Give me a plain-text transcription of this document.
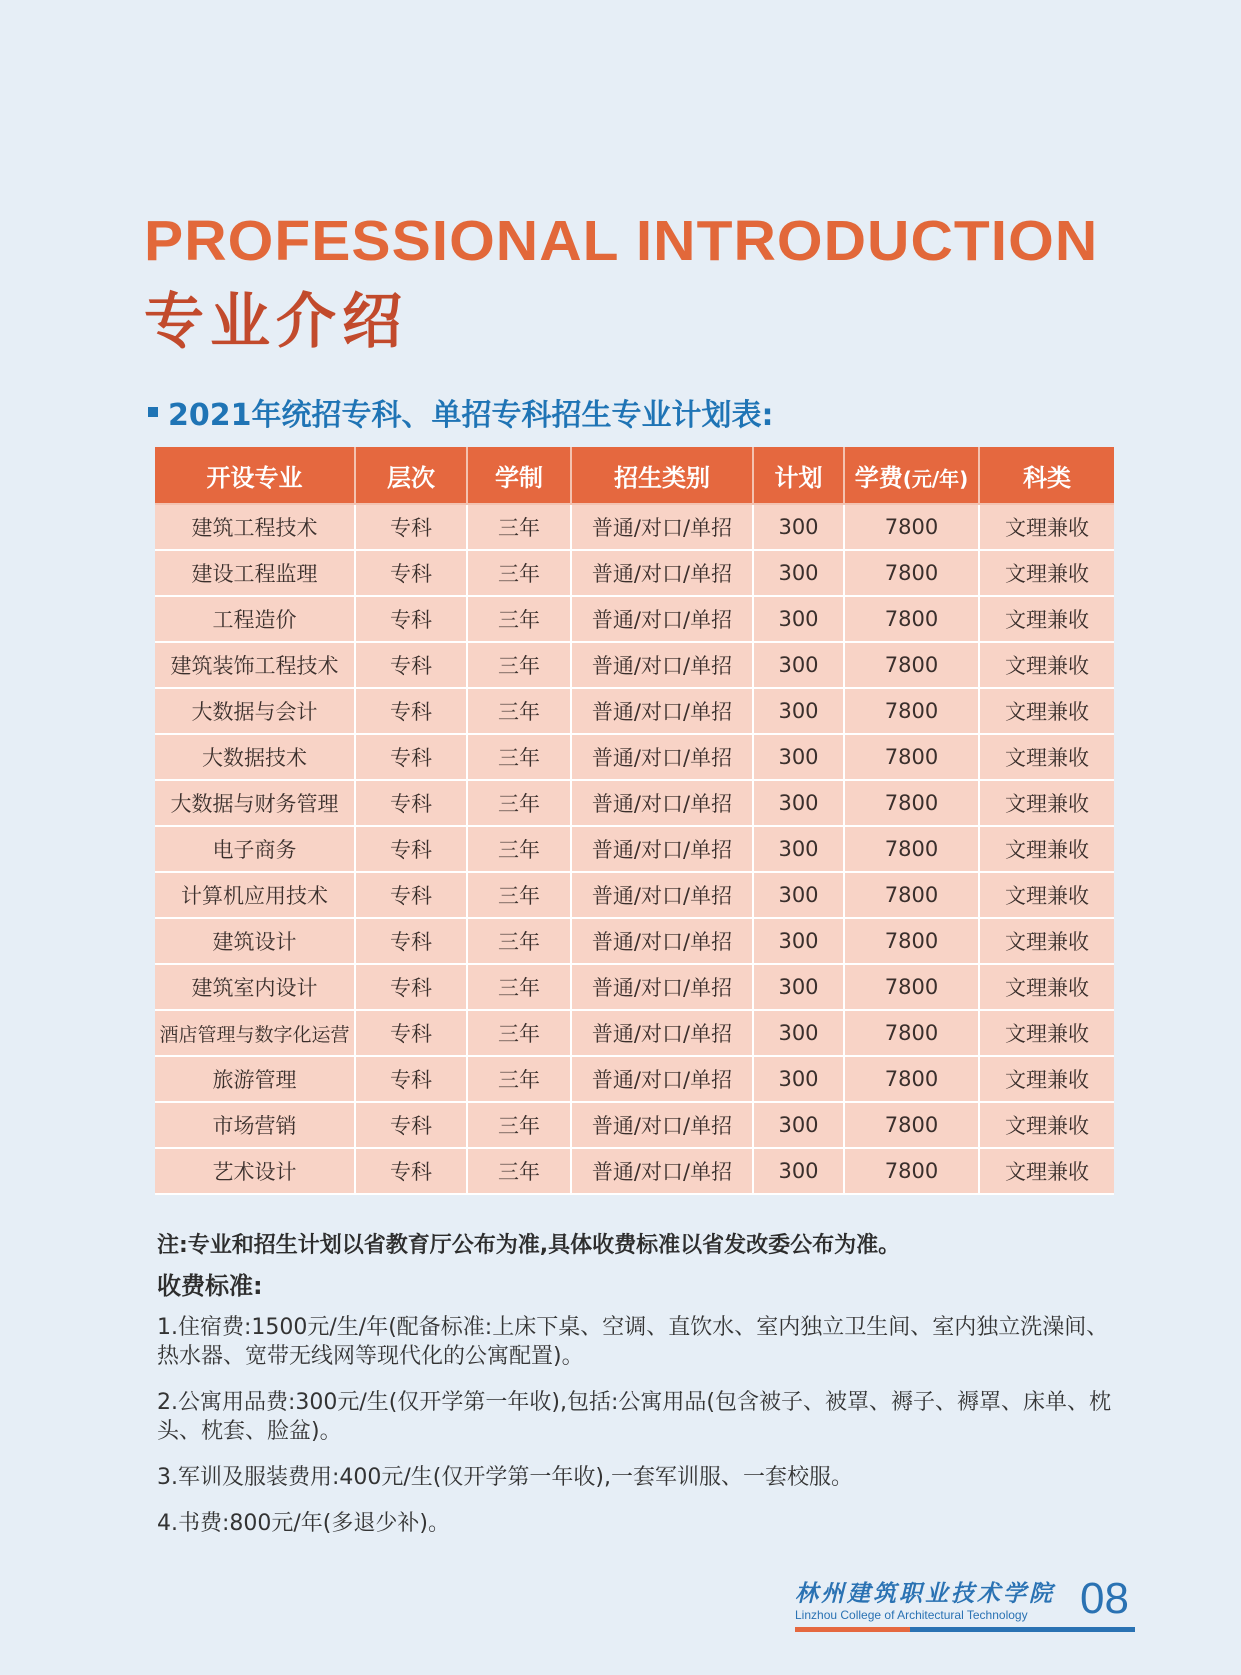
PROFESSIONAL INTRODUCTION
专业介绍
2021年统招专科、单招专科招生专业计划表:
开设专业	层次	学制	招生类别	计划	学费(元/年)	科类
建筑工程技术	专科	三年	普通/对口/单招	300	7800	文理兼收
建设工程监理	专科	三年	普通/对口/单招	300	7800	文理兼收
工程造价	专科	三年	普通/对口/单招	300	7800	文理兼收
建筑装饰工程技术	专科	三年	普通/对口/单招	300	7800	文理兼收
大数据与会计	专科	三年	普通/对口/单招	300	7800	文理兼收
大数据技术	专科	三年	普通/对口/单招	300	7800	文理兼收
大数据与财务管理	专科	三年	普通/对口/单招	300	7800	文理兼收
电子商务	专科	三年	普通/对口/单招	300	7800	文理兼收
计算机应用技术	专科	三年	普通/对口/单招	300	7800	文理兼收
建筑设计	专科	三年	普通/对口/单招	300	7800	文理兼收
建筑室内设计	专科	三年	普通/对口/单招	300	7800	文理兼收
酒店管理与数字化运营	专科	三年	普通/对口/单招	300	7800	文理兼收
旅游管理	专科	三年	普通/对口/单招	300	7800	文理兼收
市场营销	专科	三年	普通/对口/单招	300	7800	文理兼收
艺术设计	专科	三年	普通/对口/单招	300	7800	文理兼收
注:专业和招生计划以省教育厅公布为准,具体收费标准以省发改委公布为准。
收费标准:

1.住宿费:1500元/生/年(配备标准:上床下桌、空调、直饮水、室内独立卫生间、室内独立洗澡间、热水器、宽带无线网等现代化的公寓配置)。

2.公寓用品费:300元/生(仅开学第一年收),包括:公寓用品(包含被子、被罩、褥子、褥罩、床单、枕头、枕套、脸盆)。

3.军训及服装费用:400元/生(仅开学第一年收),一套军训服、一套校服。

4.书费:800元/年(多退少补)。

林州建筑职业技术学院
Linzhou College of Architectural Technology	08
